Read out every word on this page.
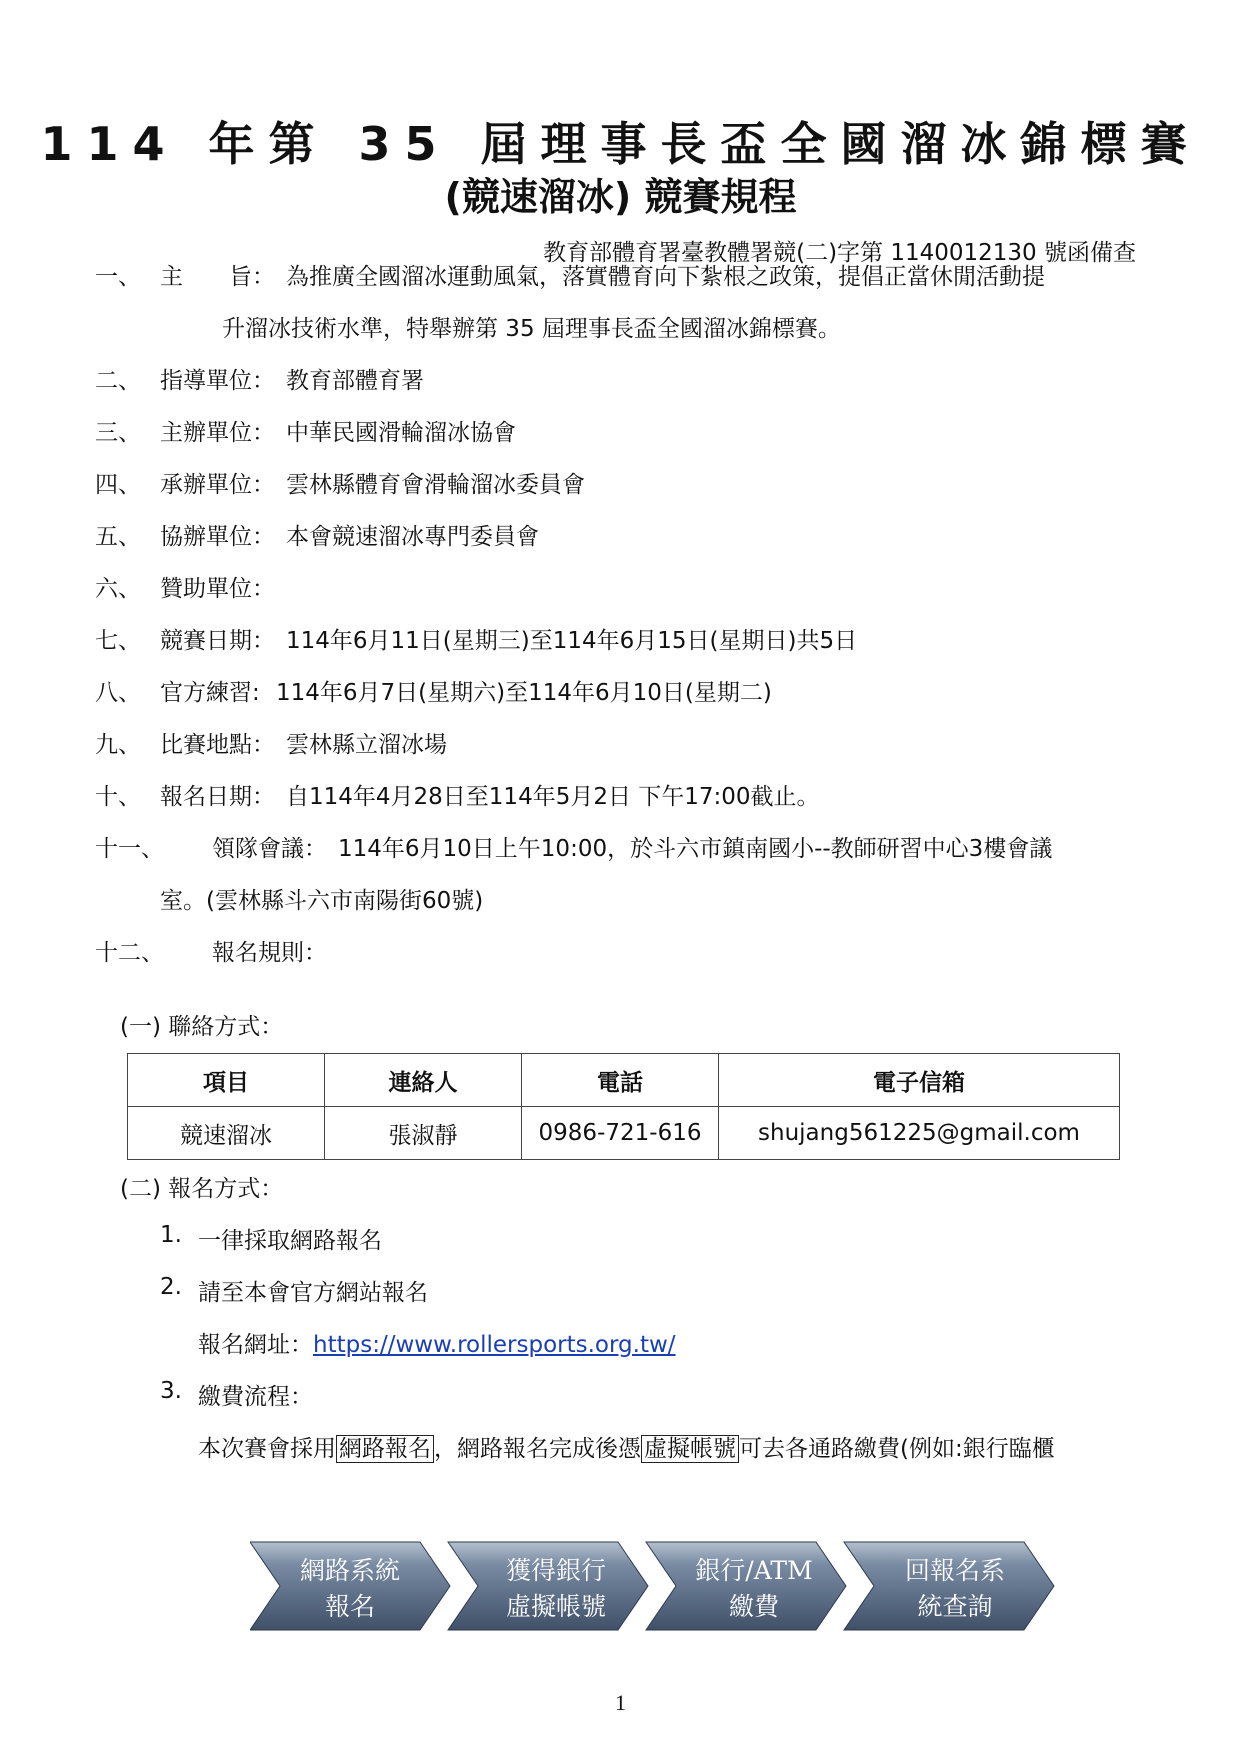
114 年第 35 屆理事長盃全國溜冰錦標賽
(競速溜冰) 競賽規程
教育部體育署臺教體署競(二)字第 1140012130 號函備查
一、 主　　旨： 為推廣全國溜冰運動風氣，落實體育向下紮根之政策，提倡正當休閒活動提
升溜冰技術水準，特舉辦第 35 屆理事長盃全國溜冰錦標賽。
二、 指導單位： 教育部體育署
三、 主辦單位： 中華民國滑輪溜冰協會
四、 承辦單位： 雲林縣體育會滑輪溜冰委員會
五、 協辦單位： 本會競速溜冰專門委員會
六、 贊助單位：
七、 競賽日期： 114年6月11日(星期三)至114年6月15日(星期日)共5日
八、 官方練習: 114年6月7日(星期六)至114年6月10日(星期二)
九、 比賽地點： 雲林縣立溜冰場
十、 報名日期： 自114年4月28日至114年5月2日 下午17:00截止。
十一、 領隊會議： 114年6月10日上午10:00，於斗六市鎮南國小--教師研習中心3樓會議
室。(雲林縣斗六市南陽街60號)
十二、 報名規則：
(一) 聯絡方式：
項目	連絡人	電話	電子信箱
競速溜冰	張淑靜	0986-721-616	shujang561225@gmail.com
(二) 報名方式：
1. 一律採取網路報名
2. 請至本會官方網站報名
報名網址：https://www.rollersports.org.tw/
3. 繳費流程：
本次賽會採用 網路報名 ，網路報名完成後憑 虛擬帳號 可去各通路繳費(例如:銀行臨櫃
網路系統
報名
獲得銀行
虛擬帳號
銀行/ATM
繳費
回報名系
統查詢
1
